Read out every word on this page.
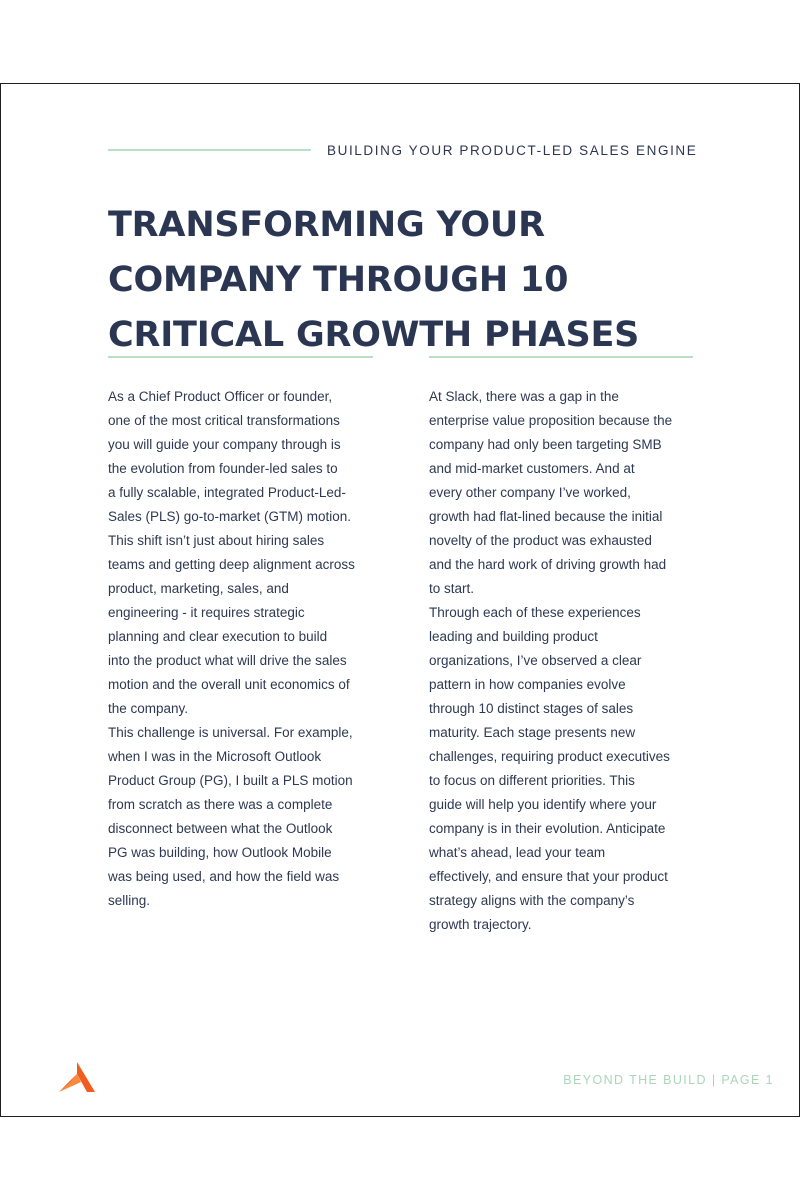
BUILDING YOUR PRODUCT-LED SALES ENGINE
TRANSFORMING YOUR
COMPANY THROUGH 10
CRITICAL GROWTH PHASES

As a Chief Product Officer or founder,
one of the most critical transformations
you will guide your company through is
the evolution from founder-led sales to
a fully scalable, integrated Product-Led-
Sales (PLS) go-to-market (GTM) motion.
This shift isn’t just about hiring sales
teams and getting deep alignment across
product, marketing, sales, and
engineering - it requires strategic
planning and clear execution to build
into the product what will drive the sales
motion and the overall unit economics of
the company.

This challenge is universal. For example,
when I was in the Microsoft Outlook
Product Group (PG), I built a PLS motion
from scratch as there was a complete
disconnect between what the Outlook
PG was building, how Outlook Mobile
was being used, and how the field was
selling.

At Slack, there was a gap in the
enterprise value proposition because the
company had only been targeting SMB
and mid-market customers. And at
every other company I’ve worked,
growth had flat-lined because the initial
novelty of the product was exhausted
and the hard work of driving growth had
to start.

Through each of these experiences
leading and building product
organizations, I’ve observed a clear
pattern in how companies evolve
through 10 distinct stages of sales
maturity. Each stage presents new
challenges, requiring product executives
to focus on different priorities. This
guide will help you identify where your
company is in their evolution. Anticipate
what’s ahead, lead your team
effectively, and ensure that your product
strategy aligns with the company’s
growth trajectory.

BEYOND THE BUILD | PAGE 1
